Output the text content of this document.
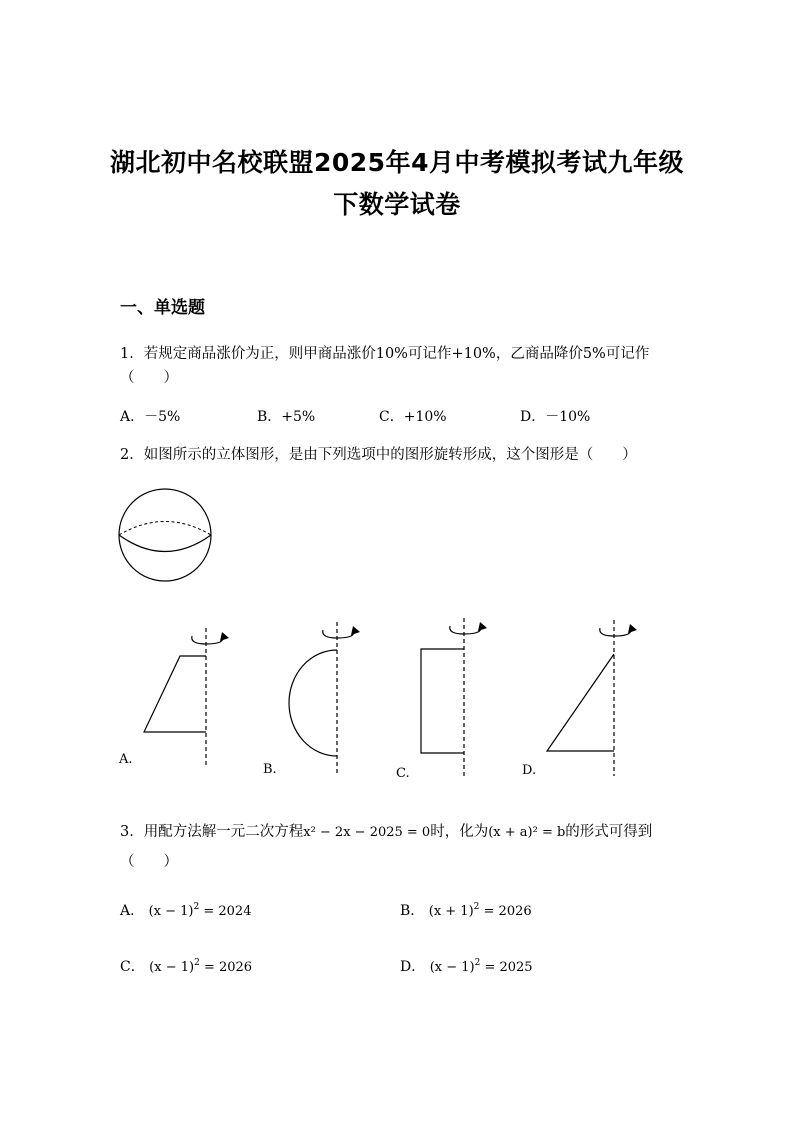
湖北初中名校联盟2025年4月中考模拟考试九年级
下数学试卷
一、单选题
1．若规定商品涨价为正，则甲商品涨价10%可记作+10%，乙商品降价5%可记作
（　　）
A．－5%	B．+5%	C．+10%	D．－10%
2．如图所示的立体图形，是由下列选项中的图形旋转形成，这个图形是（　　）
A.
B.	C.	D.
3．用配方法解一元二次方程x² − 2x − 2025 = 0时，化为(x + a)² = b的形式可得到
（　　）
A． $(x - 1)^2 = 2024$	B． $(x + 1)^2 = 2026$
C． $(x - 1)^2 = 2026$	D． $(x - 1)^2 = 2025$
